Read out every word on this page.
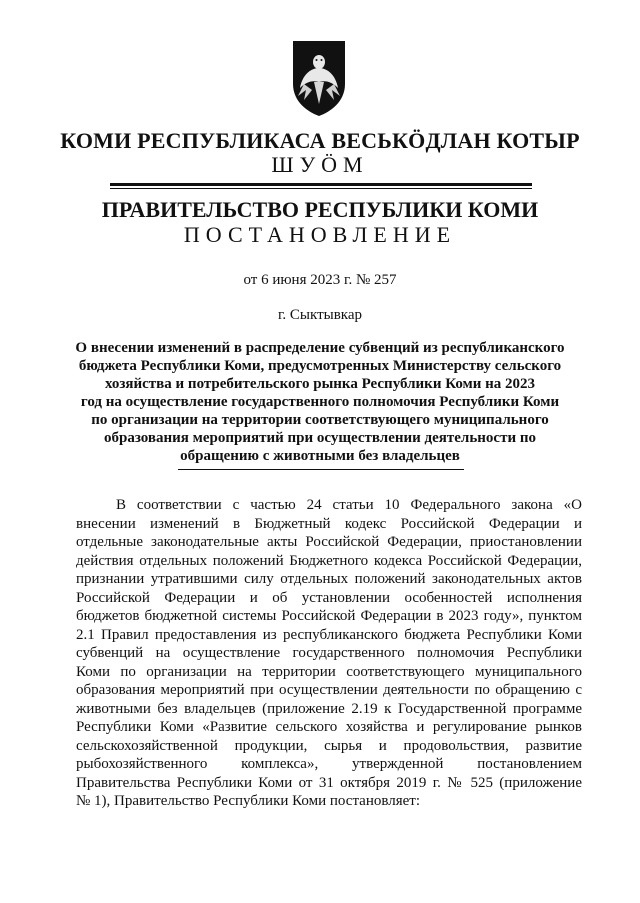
КОМИ РЕСПУБЛИКАСА ВЕСЬКӦДЛАН КОТЫР
ШУÖМ
ПРАВИТЕЛЬСТВО РЕСПУБЛИКИ КОМИ
ПОСТАНОВЛЕНИЕ
от 6 июня 2023 г. № 257
г. Сыктывкар
О внесении изменений в распределение субвенций из республиканского
бюджета Республики Коми, предусмотренных Министерству сельского
хозяйства и потребительского рынка Республики Коми на 2023
год на осуществление государственного полномочия Республики Коми
по организации на территории соответствующего муниципального
образования мероприятий при осуществлении деятельности по
обращению с животными без владельцев
В соответствии с частью 24 статьи 10 Федерального закона «О
внесении изменений в Бюджетный кодекс Российской Федерации и
отдельные законодательные акты Российской Федерации, приостановлении
действия отдельных положений Бюджетного кодекса Российской Федерации,
признании утратившими силу отдельных положений законодательных актов
Российской Федерации и об установлении особенностей исполнения
бюджетов бюджетной системы Российской Федерации в 2023 году», пунктом
2.1 Правил предоставления из республиканского бюджета Республики Коми
субвенций на осуществление государственного полномочия Республики
Коми по организации на территории соответствующего муниципального
образования мероприятий при осуществлении деятельности по обращению с
животными без владельцев (приложение 2.19 к Государственной программе
Республики Коми «Развитие сельского хозяйства и регулирование рынков
сельскохозяйственной продукции, сырья и продовольствия, развитие
рыбохозяйственного комплекса», утвержденной постановлением
Правительства Республики Коми от 31 октября 2019 г. № 525 (приложение
№ 1), Правительство Республики Коми постановляет:
